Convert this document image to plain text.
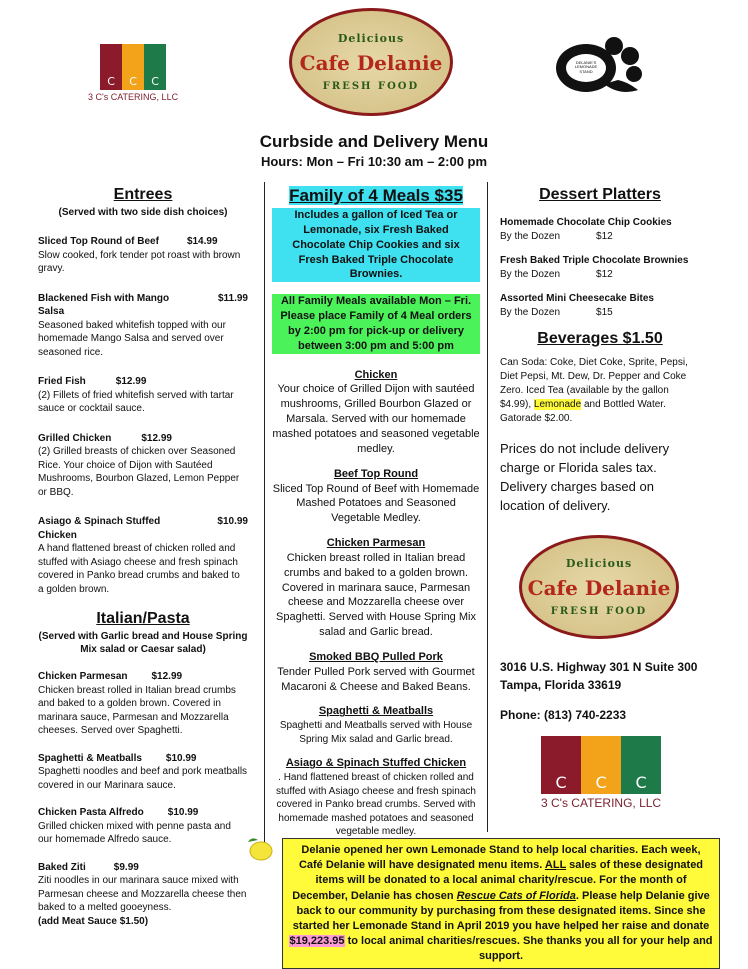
C	C	C
3 C's CATERING, LLC
Delicious
Cafe Delanie
FRESH FOOD
DELANIE'S LEMONADE STAND
Curbside and Delivery Menu
Hours: Mon – Fri 10:30 am – 2:00 pm
Entrees
(Served with two side dish choices)
Sliced Top Round of Beef	$14.99
Slow cooked, fork tender pot roast with brown gravy.
Blackened Fish with Mango Salsa
$11.99
Seasoned baked whitefish topped with our homemade Mango Salsa and served over seasoned rice.
Fried Fish	$12.99
(2) Fillets of fried whitefish served with tartar sauce or cocktail sauce.
Grilled Chicken	$12.99
(2) Grilled breasts of chicken over Seasoned Rice. Your choice of Dijon with Sautéed Mushrooms, Bourbon Glazed, Lemon Pepper or BBQ.
Asiago & Spinach Stuffed Chicken
$10.99
A hand flattened breast of chicken rolled and stuffed with Asiago cheese and fresh spinach covered in Panko bread crumbs and baked to a golden brown.
Italian/Pasta
(Served with Garlic bread and House Spring Mix salad or Caesar salad)
Chicken Parmesan $12.99
Chicken breast rolled in Italian bread crumbs and baked to a golden brown. Covered in marinara sauce, Parmesan and Mozzarella cheeses. Served over Spaghetti.
Spaghetti & Meatballs $10.99
Spaghetti noodles and beef and pork meatballs covered in our Marinara sauce.
Chicken Pasta Alfredo $10.99
Grilled chicken mixed with penne pasta and our homemade Alfredo sauce.
Baked Ziti	$9.99
Ziti noodles in our marinara sauce mixed with Parmesan cheese and Mozzarella cheese then baked to a melted gooeyness.
(add Meat Sauce $1.50)
Family of 4 Meals $35
Includes a gallon of Iced Tea or Lemonade, six Fresh Baked Chocolate Chip Cookies and six Fresh Baked Triple Chocolate Brownies.
All Family Meals available Mon – Fri. Please place Family of 4 Meal orders by 2:00 pm for pick-up or delivery between 3:00 pm and 5:00 pm
Chicken
Your choice of Grilled Dijon with sautéed mushrooms, Grilled Bourbon Glazed or Marsala. Served with our homemade mashed potatoes and seasoned vegetable medley.
Beef Top Round
Sliced Top Round of Beef with Homemade Mashed Potatoes and Seasoned Vegetable Medley.
Chicken Parmesan
Chicken breast rolled in Italian bread crumbs and baked to a golden brown. Covered in marinara sauce, Parmesan cheese and Mozzarella cheese over Spaghetti. Served with House Spring Mix salad and Garlic bread.
Smoked BBQ Pulled Pork
Tender Pulled Pork served with Gourmet Macaroni & Cheese and Baked Beans.
Spaghetti & Meatballs
Spaghetti and Meatballs served with House Spring Mix salad and Garlic bread.
Asiago & Spinach Stuffed Chicken
. Hand flattened breast of chicken rolled and stuffed with Asiago cheese and fresh spinach covered in Panko bread crumbs. Served with homemade mashed potatoes and seasoned vegetable medley.
Dessert Platters
Homemade Chocolate Chip Cookies
By the Dozen	$12
Fresh Baked Triple Chocolate Brownies
By the Dozen	$12
Assorted Mini Cheesecake Bites
By the Dozen	$15
Beverages $1.50
Can Soda: Coke, Diet Coke, Sprite, Pepsi, Diet Pepsi, Mt. Dew, Dr. Pepper and Coke Zero. Iced Tea (available by the gallon $4.99), Lemonade and Bottled Water. Gatorade $2.00.
Prices do not include delivery charge or Florida sales tax. Delivery charges based on location of delivery.
Delicious
Cafe Delanie
FRESH FOOD
3016 U.S. Highway 301 N Suite 300
Tampa, Florida 33619
Phone: (813) 740-2233
C	C	C
3 C's CATERING, LLC
Delanie opened her own Lemonade Stand to help local charities. Each week, Café Delanie will have designated menu items. ALL sales of these designated items will be donated to a local animal charity/rescue. For the month of December, Delanie has chosen Rescue Cats of Florida. Please help Delanie give back to our community by purchasing from these designated items. Since she started her Lemonade Stand in April 2019 you have helped her raise and donate $19,223.95 to local animal charities/rescues. She thanks you all for your help and support.
